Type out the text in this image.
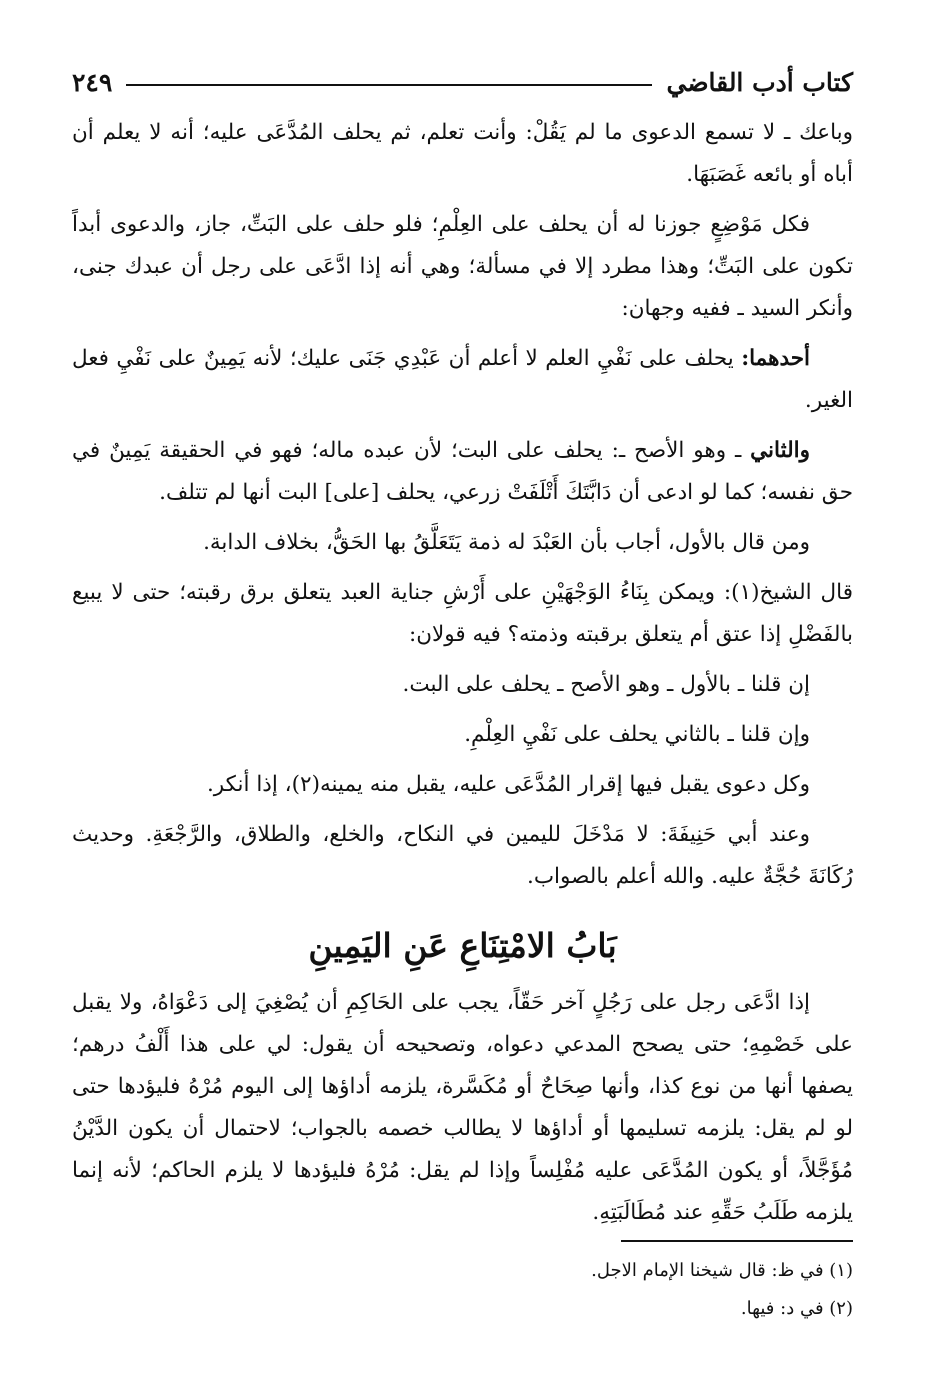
كتاب أدب القاضي
٢٤٩

وباعك ـ لا تسمع الدعوى ما لم يَقُلْ: وأنت تعلم، ثم يحلف المُدَّعَى عليه؛ أنه لا يعلم أن أباه أو بائعه غَصَبَهَا.

فكل مَوْضِعٍ جوزنا له أن يحلف على العِلْمِ؛ فلو حلف على البَتِّ، جاز، والدعوى أبداً تكون على البَتِّ؛ وهذا مطرد إلا في مسألة؛ وهي أنه إذا ادَّعَى على رجل أن عبدك جنى، وأنكر السيد ـ ففيه وجهان:

أحدهما: يحلف على نَفْيِ العلم لا أعلم أن عَبْدِي جَنَى عليك؛ لأنه يَمِينٌ على نَفْيِ فعل الغير.

والثاني ـ وهو الأصح ـ: يحلف على البت؛ لأن عبده ماله؛ فهو في الحقيقة يَمِينٌ في حق نفسه؛ كما لو ادعى أن دَابَّتَكَ أَتْلَفَتْ زرعي، يحلف [على] البت أنها لم تتلف.

ومن قال بالأول، أجاب بأن العَبْدَ له ذمة يَتَعَلَّقُ بها الحَقُّ، بخلاف الدابة.

قال الشيخ(١): ويمكن بِنَاءُ الوَجْهَيْنِ على أَرْشِ جناية العبد يتعلق برق رقبته؛ حتى لا يبيع بالفَضْلِ إذا عتق أم يتعلق برقبته وذمته؟ فيه قولان:

إن قلنا ـ بالأول ـ وهو الأصح ـ يحلف على البت.

وإن قلنا ـ بالثاني يحلف على نَفْيِ العِلْمِ.

وكل دعوى يقبل فيها إقرار المُدَّعَى عليه، يقبل منه يمينه(٢)، إذا أنكر.

وعند أبي حَنِيفَةَ: لا مَدْخَلَ لليمين في النكاح، والخلع، والطلاق، والرَّجْعَةِ. وحديث رُكَانَةَ حُجَّةٌ عليه. والله أعلم بالصواب.

بَابُ الامْتِنَاعِ عَنِ اليَمِينِ

إذا ادَّعَى رجل على رَجُلٍ آخر حَقّاً، يجب على الحَاكِمِ أن يُصْغِيَ إلى دَعْوَاهُ، ولا يقبل على خَصْمِهِ؛ حتى يصحح المدعي دعواه، وتصحيحه أن يقول: لي على هذا أَلْفُ درهم؛ يصفها أنها من نوع كذا، وأنها صِحَاحٌ أو مُكَسَّرة، يلزمه أداؤها إلى اليوم مُرْهُ فليؤدها حتى لو لم يقل: يلزمه تسليمها أو أداؤها لا يطالب خصمه بالجواب؛ لاحتمال أن يكون الدَّيْنُ مُؤَجَّلاً، أو يكون المُدَّعَى عليه مُفْلِساً وإذا لم يقل: مُرْهُ فليؤدها لا يلزم الحاكم؛ لأنه إنما يلزمه طَلَبُ حَقِّهِ عند مُطَالَبَتِهِ.

(١) في ظ: قال شيخنا الإمام الاجل.
(٢) في د: فيها.
